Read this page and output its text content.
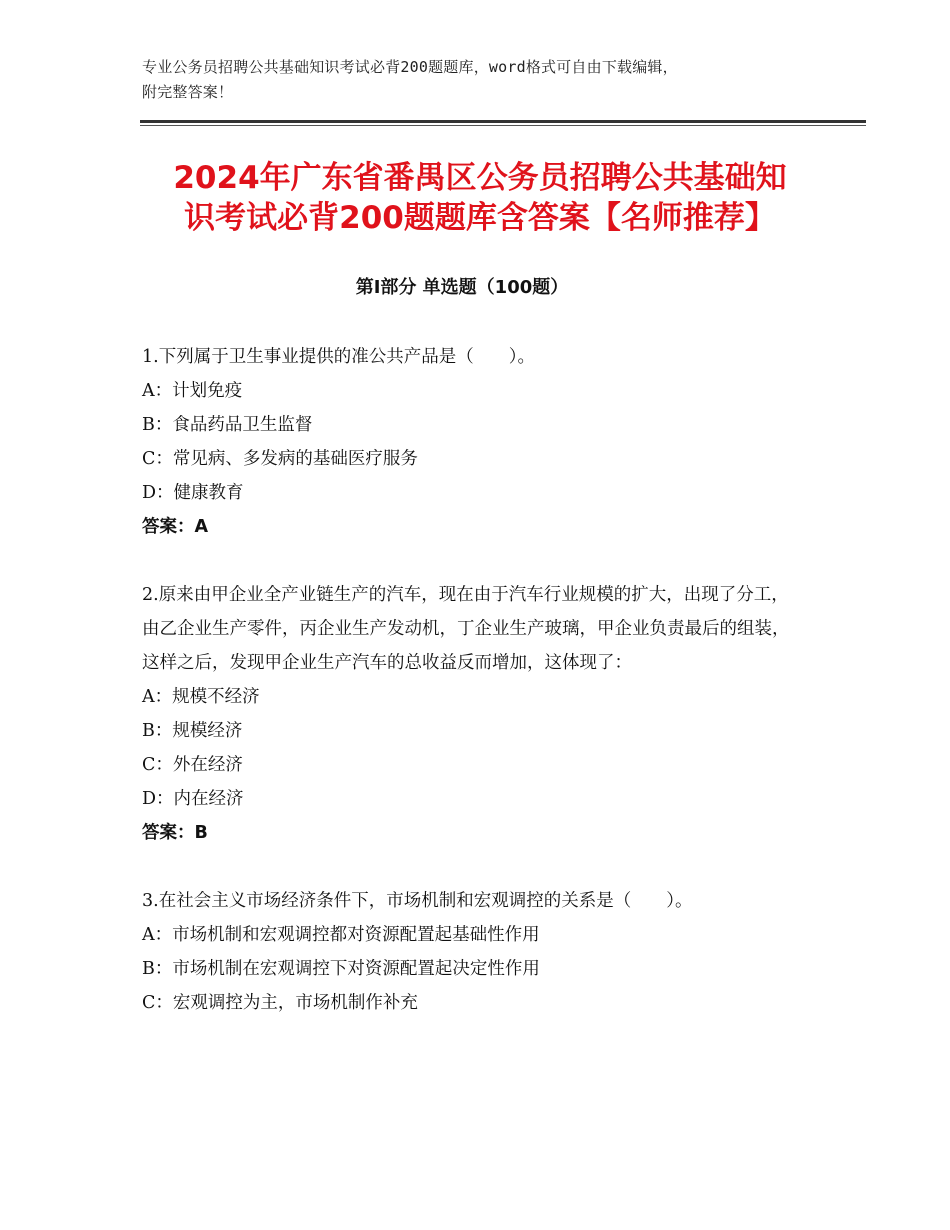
专业公务员招聘公共基础知识考试必背200题题库，word格式可自由下载编辑，
附完整答案！
2024年广东省番禺区公务员招聘公共基础知
识考试必背200题题库含答案【名师推荐】
第Ⅰ部分 单选题（100题）

1.下列属于卫生事业提供的准公共产品是（　　）。

A：计划免疫

B：食品药品卫生监督

C：常见病、多发病的基础医疗服务

D：健康教育

答案：A

2.原来由甲企业全产业链生产的汽车，现在由于汽车行业规模的扩大，出现了分工，由乙企业生产零件，丙企业生产发动机，丁企业生产玻璃，甲企业负责最后的组装，这样之后，发现甲企业生产汽车的总收益反而增加，这体现了：

A：规模不经济

B：规模经济

C：外在经济

D：内在经济

答案：B

3.在社会主义市场经济条件下，市场机制和宏观调控的关系是（　　）。

A：市场机制和宏观调控都对资源配置起基础性作用

B：市场机制在宏观调控下对资源配置起决定性作用

C：宏观调控为主，市场机制作补充
